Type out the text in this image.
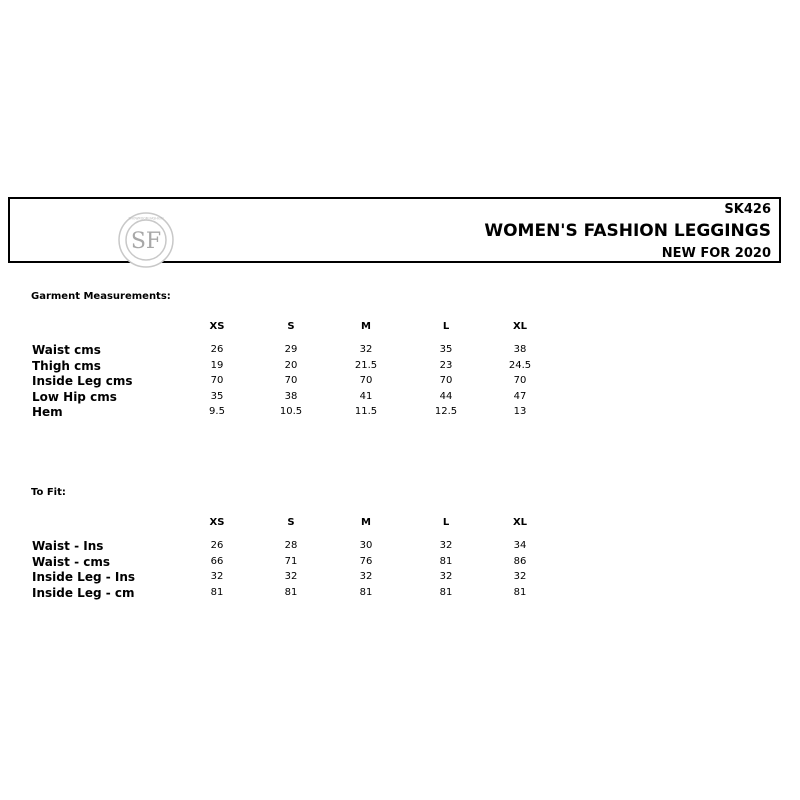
SF
SHOWROOM FASHION
SK426
WOMEN'S FASHION LEGGINGS
NEW FOR 2020
Garment Measurements:
XS	S	M	L	XL
Waist cms	26	29	32	35	38
Thigh cms	19	20	21.5	23	24.5
Inside Leg cms	70	70	70	70	70
Low Hip cms	35	38	41	44	47
Hem	9.5	10.5	11.5	12.5	13
To Fit:
XS	S	M	L	XL
Waist - Ins	26	28	30	32	34
Waist - cms	66	71	76	81	86
Inside Leg - Ins	32	32	32	32	32
Inside Leg - cm	81	81	81	81	81
